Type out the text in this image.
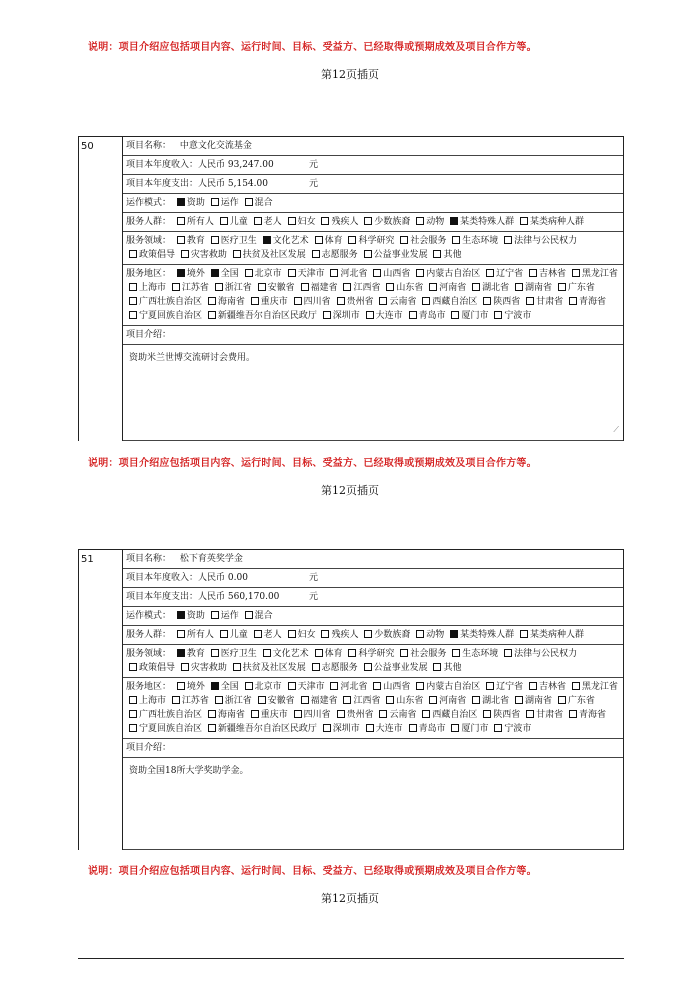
说明：项目介绍应包括项目内容、运行时间、目标、受益方、已经取得或预期成效及项目合作方等。
第12页插页
50	项目名称： 中意文化交流基金
项目本年度收入：人民币 93,247.00	元
项目本年度支出：人民币 5,154.00	元
运作模式： 资助 运作 混合
服务人群： 所有人 儿童 老人 妇女 残疾人 少数族裔 动物 某类特殊人群 某类病种人群
服务领域： 教育 医疗卫生 文化艺术 体育 科学研究 社会服务 生态环境 法律与公民权力 政策倡导 灾害救助 扶贫及社区发展 志愿服务 公益事业发展 其他
服务地区： 境外 全国 北京市 天津市 河北省 山西省 内蒙古自治区 辽宁省 吉林省 黑龙江省 上海市 江苏省 浙江省 安徽省 福建省 江西省 山东省 河南省 湖北省 湖南省 广东省 广西壮族自治区 海南省 重庆市 四川省 贵州省 云南省 西藏自治区 陕西省 甘肃省 青海省 宁夏回族自治区 新疆维吾尔自治区民政厅 深圳市 大连市 青岛市 厦门市 宁波市
项目介绍：
资助米兰世博交流研讨会费用。
⟋
说明：项目介绍应包括项目内容、运行时间、目标、受益方、已经取得或预期成效及项目合作方等。
第12页插页
51	项目名称： 松下育英奖学金
项目本年度收入：人民币 0.00	元
项目本年度支出：人民币 560,170.00	元
运作模式： 资助 运作 混合
服务人群： 所有人 儿童 老人 妇女 残疾人 少数族裔 动物 某类特殊人群 某类病种人群
服务领域： 教育 医疗卫生 文化艺术 体育 科学研究 社会服务 生态环境 法律与公民权力 政策倡导 灾害救助 扶贫及社区发展 志愿服务 公益事业发展 其他
服务地区： 境外 全国 北京市 天津市 河北省 山西省 内蒙古自治区 辽宁省 吉林省 黑龙江省 上海市 江苏省 浙江省 安徽省 福建省 江西省 山东省 河南省 湖北省 湖南省 广东省 广西壮族自治区 海南省 重庆市 四川省 贵州省 云南省 西藏自治区 陕西省 甘肃省 青海省 宁夏回族自治区 新疆维吾尔自治区民政厅 深圳市 大连市 青岛市 厦门市 宁波市
项目介绍：
资助全国18所大学奖助学金。
说明：项目介绍应包括项目内容、运行时间、目标、受益方、已经取得或预期成效及项目合作方等。
第12页插页
